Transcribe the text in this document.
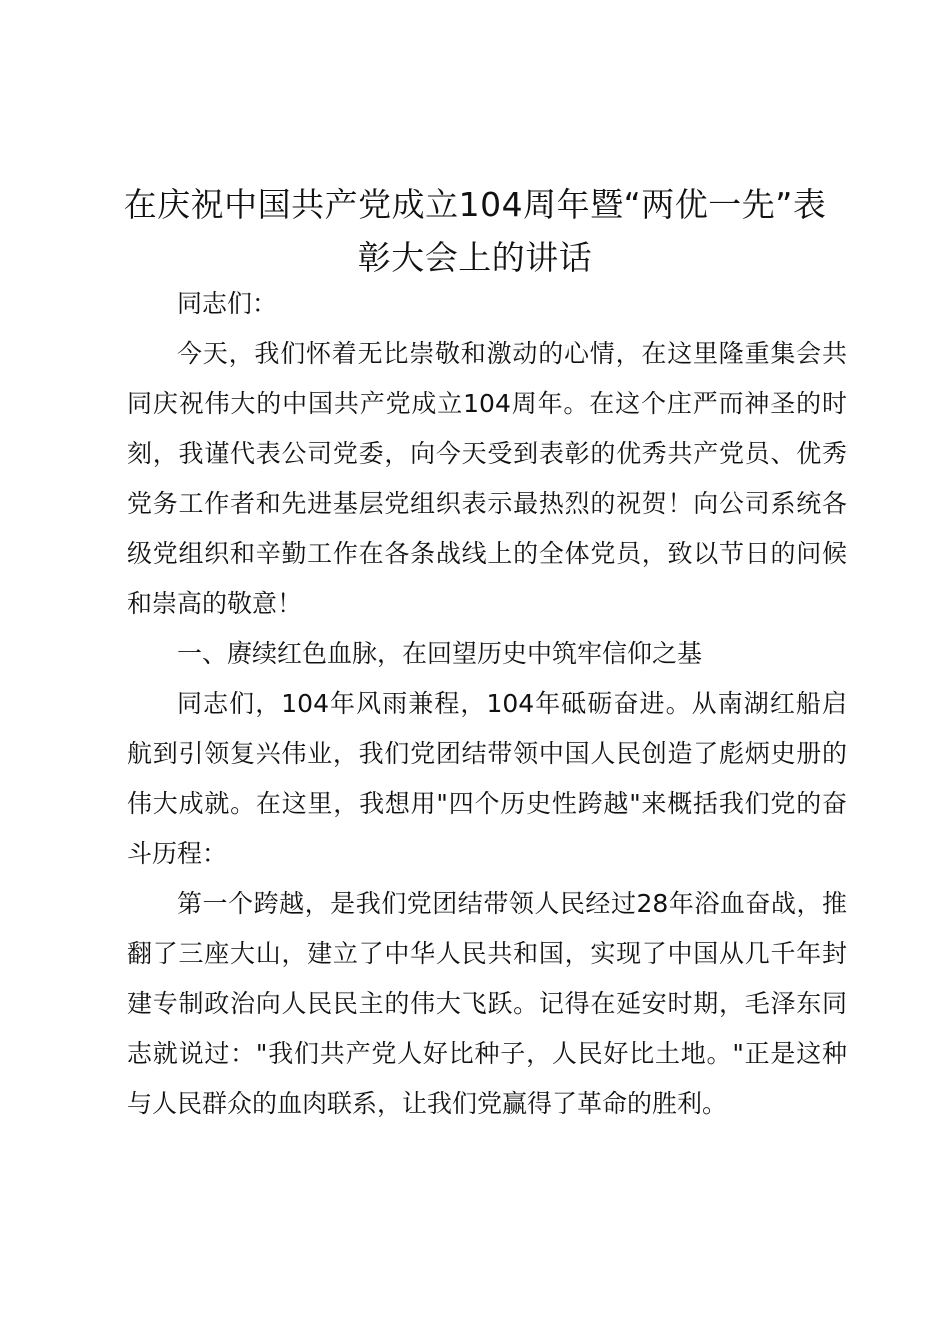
在庆祝中国共产党成立104周年暨“两优一先”表彰大会上的讲话

同志们：

今天，我们怀着无比崇敬和激动的心情，在这里隆重集会共同庆祝伟大的中国共产党成立104周年。在这个庄严而神圣的时刻，我谨代表公司党委，向今天受到表彰的优秀共产党员、优秀党务工作者和先进基层党组织表示最热烈的祝贺！向公司系统各级党组织和辛勤工作在各条战线上的全体党员，致以节日的问候和崇高的敬意！

一、赓续红色血脉，在回望历史中筑牢信仰之基

同志们，104年风雨兼程，104年砥砺奋进。从南湖红船启航到引领复兴伟业，我们党团结带领中国人民创造了彪炳史册的伟大成就。在这里，我想用"四个历史性跨越"来概括我们党的奋斗历程：

第一个跨越，是我们党团结带领人民经过28年浴血奋战，推翻了三座大山，建立了中华人民共和国，实现了中国从几千年封建专制政治向人民民主的伟大飞跃。记得在延安时期，毛泽东同志就说过："我们共产党人好比种子，人民好比土地。"正是这种与人民群众的血肉联系，让我们党赢得了革命的胜利。
